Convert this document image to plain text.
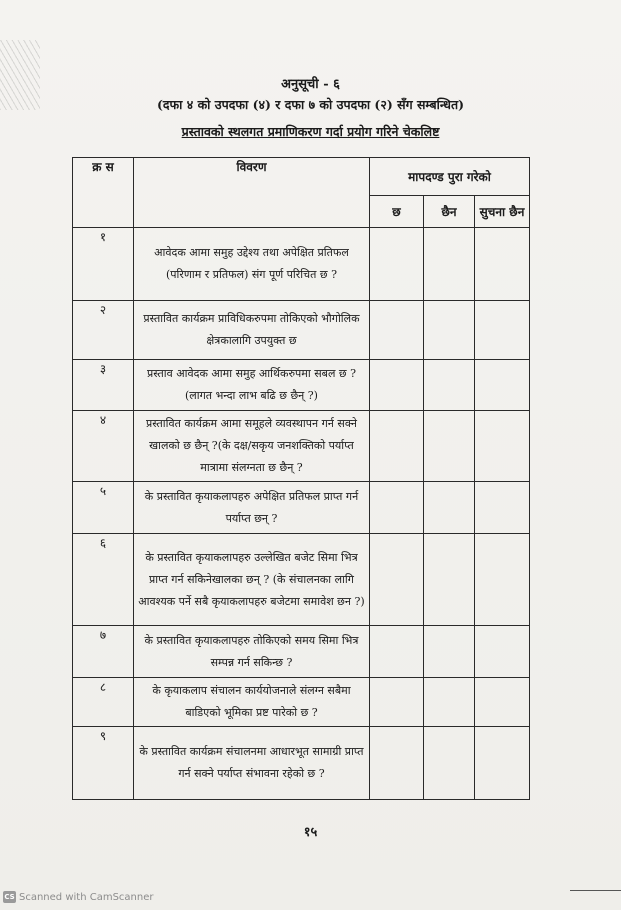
अनुसूची - ६
(दफा ४ को उपदफा (४) र दफा ७ को उपदफा (२) सँग सम्बन्धित)
प्रस्तावको स्थलगत प्रमाणिकरण गर्दा प्रयोग गरिने चेकलिष्ट
क्र स	विवरण	मापदण्ड पुरा गरेको		
		छ	छैन	सुचना छैन
१	आवेदक आमा समुह उद्देश्य तथा अपेक्षित प्रतिफल (परिणाम र प्रतिफल) संग पूर्ण परिचित छ ?			
२	प्रस्तावित कार्यक्रम प्राविधिकरुपमा तोकिएको भौगोलिक क्षेत्रकालागि उपयुक्त छ			
३	प्रस्ताव आवेदक आमा समुह आर्थिकरुपमा सबल छ ?(लागत भन्दा लाभ बढि छ छैन् ?)			
४	प्रस्तावित कार्यक्रम आमा समूहले व्यवस्थापन गर्न सक्ने खालको छ छैन् ?(के दक्ष/सकृय जनशक्तिको पर्याप्त मात्रामा संलग्नता छ छैन् ?			
५	के प्रस्तावित कृयाकलापहरु अपेक्षित प्रतिफल प्राप्त गर्न पर्याप्त छन् ?			
६	के प्रस्तावित कृयाकलापहरु उल्लेखित बजेट सिमा भित्र प्राप्त गर्न सकिनेखालका छन् ? (के संचालनका लागि आवश्यक पर्ने सबै कृयाकलापहरु बजेटमा समावेश छन ?)			
७	के प्रस्तावित कृयाकलापहरु तोकिएको समय सिमा भित्र सम्पन्न गर्न सकिन्छ ?			
८	के कृयाकलाप संचालन कार्ययोजनाले संलग्न सबैमा बाडिएको भूमिका प्रष्ट पारेको छ ?			
९	के प्रस्तावित कार्यक्रम संचालनमा आधारभूत सामाग्री प्राप्त गर्न सक्ने पर्याप्त संभावना रहेको छ ?			
१५
CS Scanned with CamScanner
